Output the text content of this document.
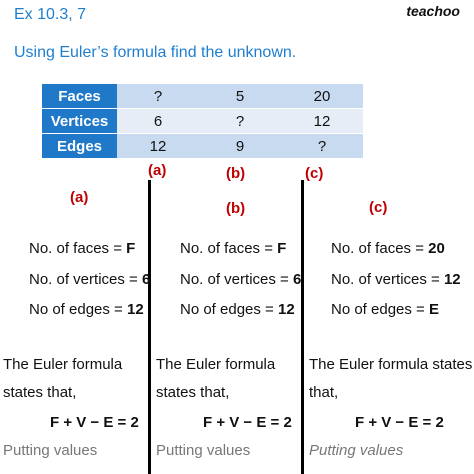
Ex 10.3, 7	teachoo
Using Euler’s formula find the unknown.
Faces	?	5	20
Vertices	6	?	12
Edges	12	9	?
(a)	(b)	(c)
(a)
No. of faces = F
No. of vertices = 6
No of edges = 12
The Euler formula
states that,
F + V − E = 2
Putting values
(b)
No. of faces = F
No. of vertices = 6
No of edges = 12
The Euler formula
states that,
F + V − E = 2
Putting values
(c)
No. of faces = 20
No. of vertices = 12
No of edges = E
The Euler formula states
that,
F + V − E = 2
Putting values
